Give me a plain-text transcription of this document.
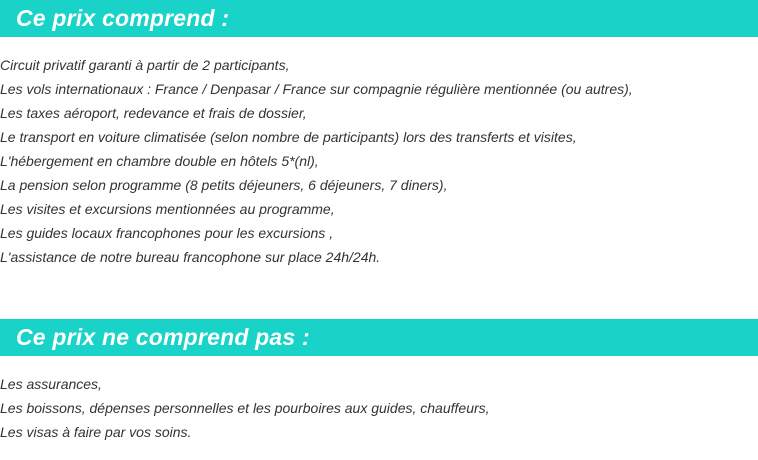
Ce prix comprend :
Circuit privatif garanti à partir de 2 participants,
Les vols internationaux : France / Denpasar / France sur compagnie régulière mentionnée (ou autres),
Les taxes aéroport, redevance et frais de dossier,
Le transport en voiture climatisée (selon nombre de participants) lors des transferts et visites,
L'hébergement en chambre double en hôtels 5*(nl),
La pension selon programme (8 petits déjeuners, 6 déjeuners, 7 diners),
Les visites et excursions mentionnées au programme,
Les guides locaux francophones pour les excursions ,
L'assistance de notre bureau francophone sur place 24h/24h.
Ce prix ne comprend pas :
Les assurances,
Les boissons, dépenses personnelles et les pourboires aux guides, chauffeurs,
Les visas à faire par vos soins.
